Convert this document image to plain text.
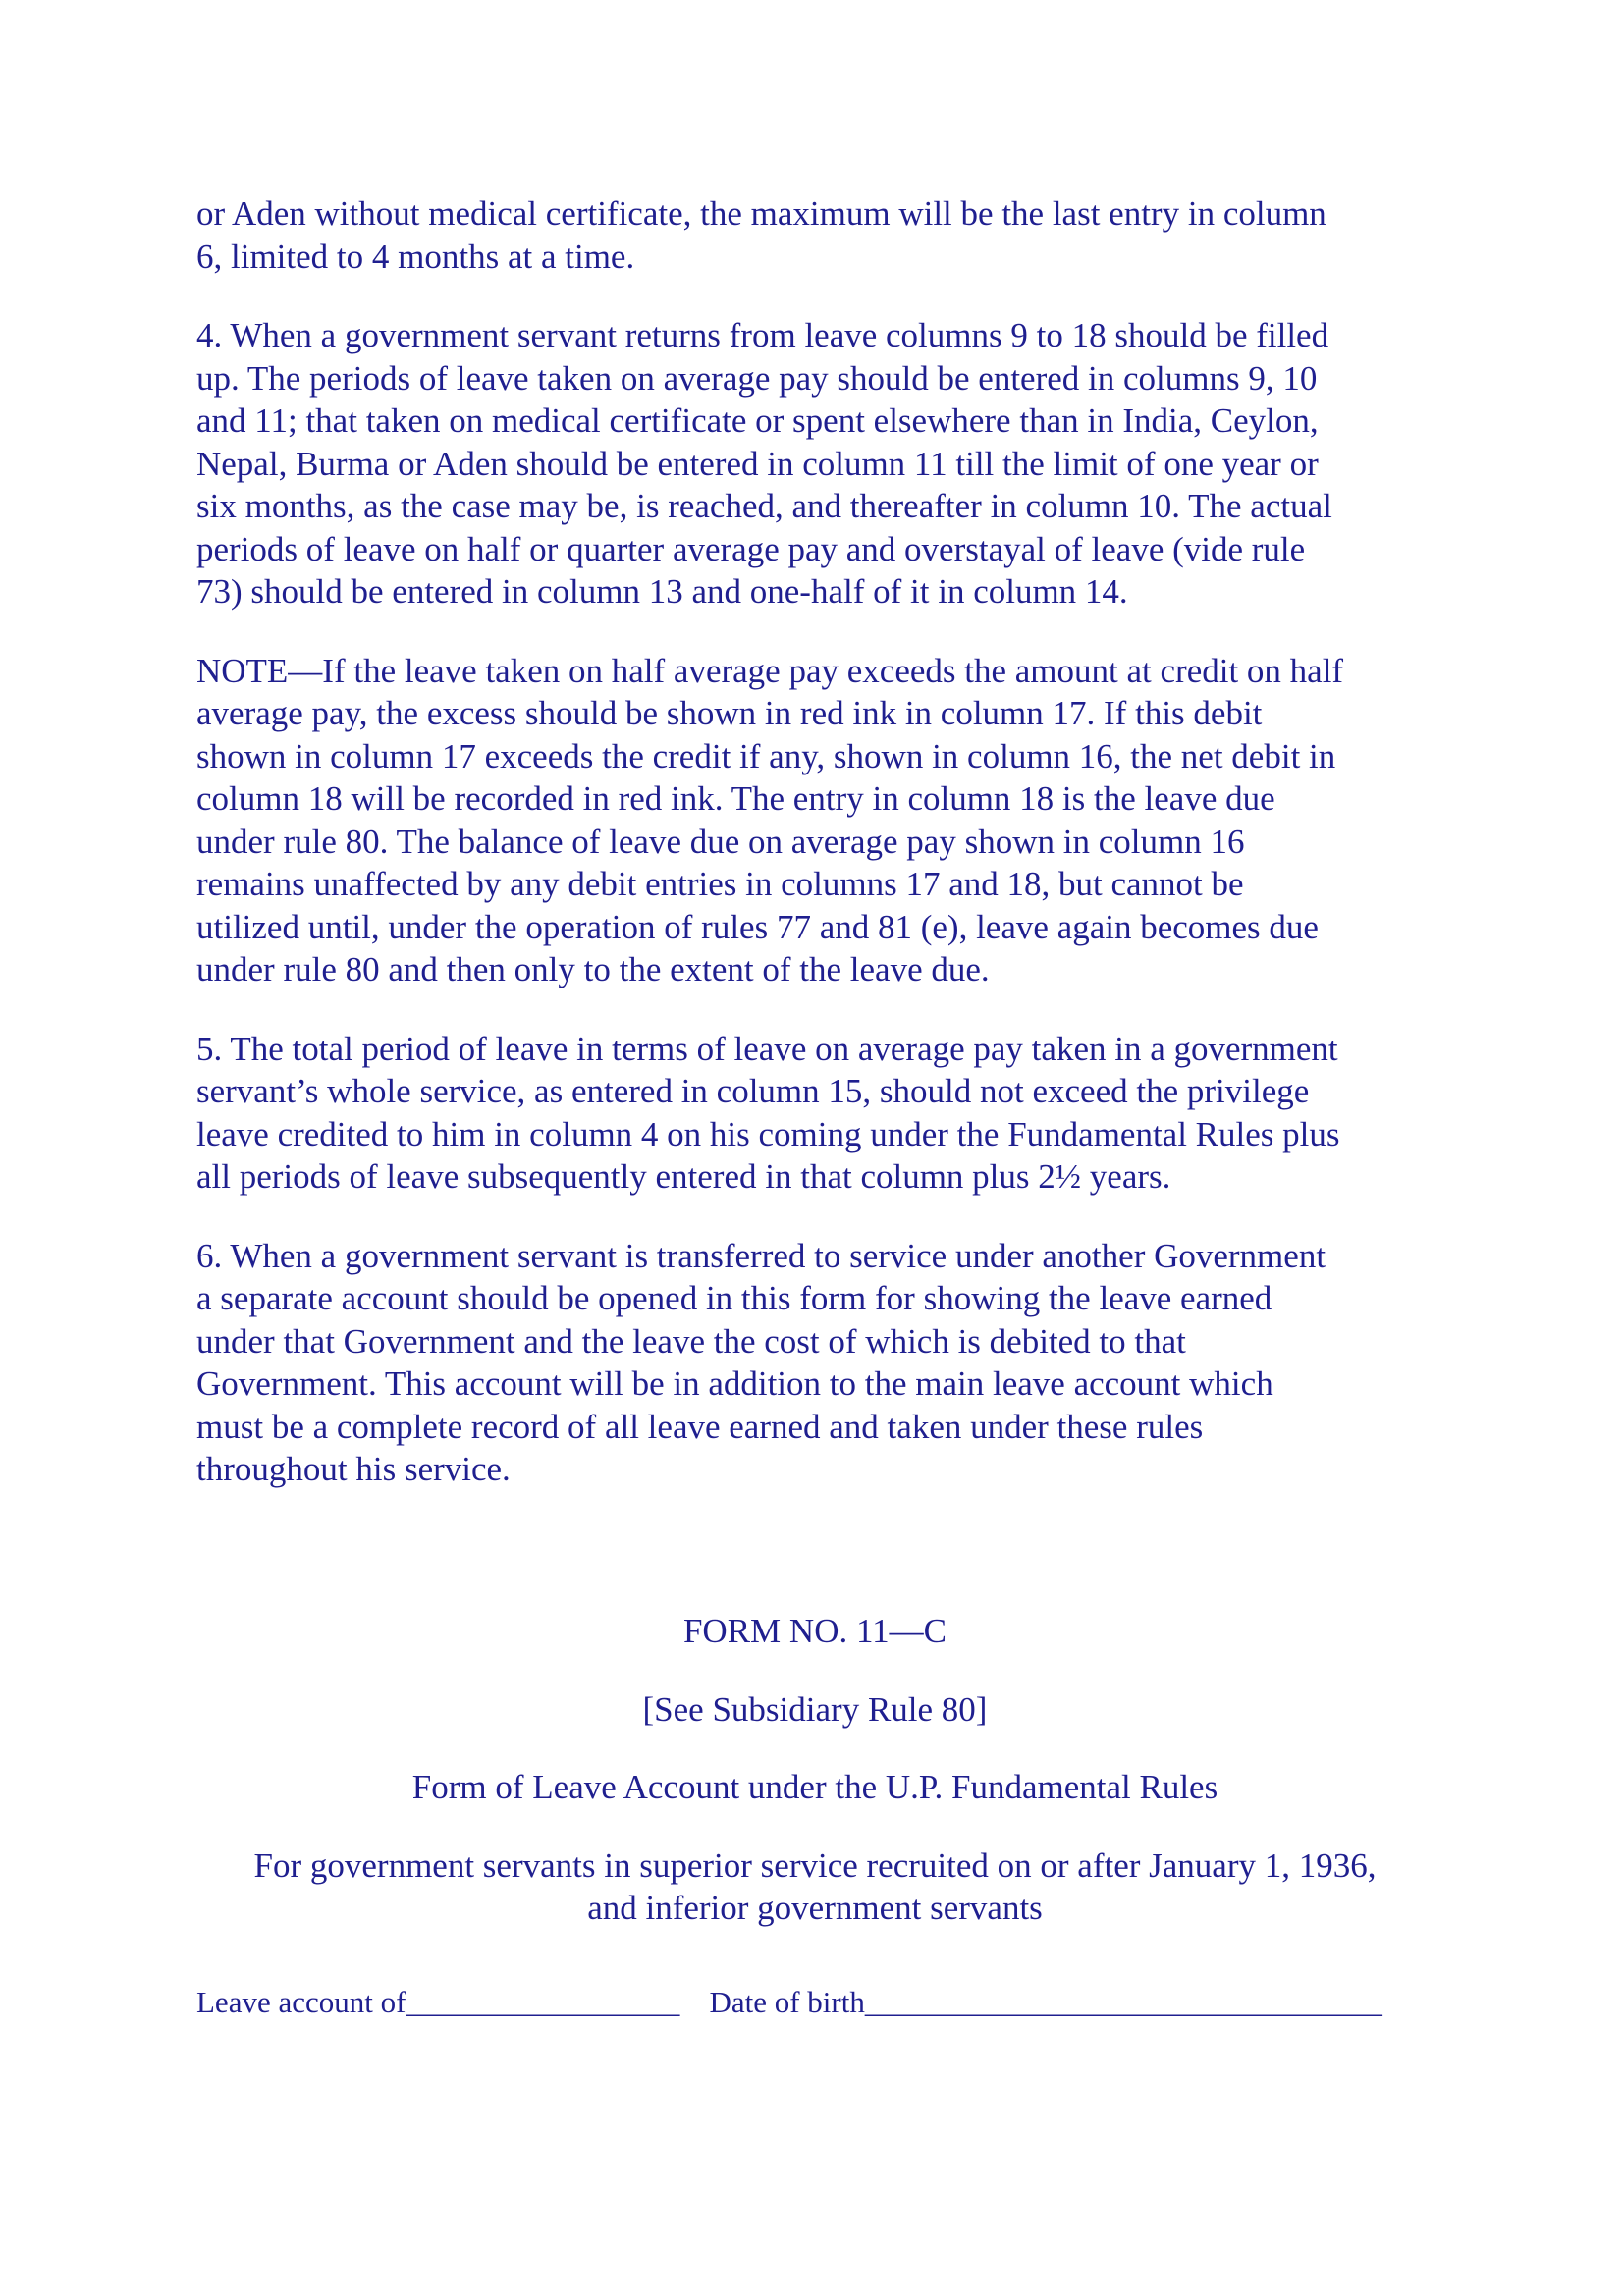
or Aden without medical certificate, the maximum will be the last entry in column
6, limited to 4 months at a time.

4. When a government servant returns from leave columns 9 to 18 should be filled
up. The periods of leave taken on average pay should be entered in columns 9, 10
and 11; that taken on medical certificate or spent elsewhere than in India, Ceylon,
Nepal, Burma or Aden should be entered in column 11 till the limit of one year or
six months, as the case may be, is reached, and thereafter in column 10. The actual
periods of leave on half or quarter average pay and overstayal of leave (vide rule
73) should be entered in column 13 and one-half of it in column 14.

NOTE—If the leave taken on half average pay exceeds the amount at credit on half
average pay, the excess should be shown in red ink in column 17. If this debit
shown in column 17 exceeds the credit if any, shown in column 16, the net debit in
column 18 will be recorded in red ink. The entry in column 18 is the leave due
under rule 80. The balance of leave due on average pay shown in column 16
remains unaffected by any debit entries in columns 17 and 18, but cannot be
utilized until, under the operation of rules 77 and 81 (e), leave again becomes due
under rule 80 and then only to the extent of the leave due.

5. The total period of leave in terms of leave on average pay taken in a government
servant’s whole service, as entered in column 15, should not exceed the privilege
leave credited to him in column 4 on his coming under the Fundamental Rules plus
all periods of leave subsequently entered in that column plus 2½ years.

6. When a government servant is transferred to service under another Government
a separate account should be opened in this form for showing the leave earned
under that Government and the leave the cost of which is debited to that
Government. This account will be in addition to the main leave account which
must be a complete record of all leave earned and taken under these rules
throughout his service.

FORM NO. 11—C
[See Subsidiary Rule 80]
Form of Leave Account under the U.P. Fundamental Rules
For government servants in superior service recruited on or after January 1, 1936,
and inferior government servants
Leave account of__________________ Date of birth__________________________________
